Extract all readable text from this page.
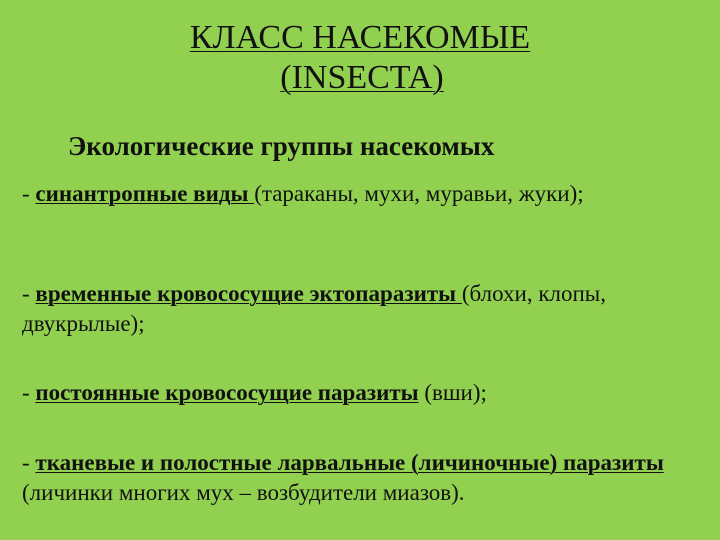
КЛАСС НАСЕКОМЫЕ
(INSECTA)
Экологические группы насекомых
- синантропные виды (тараканы, мухи, муравьи, жуки);
- временные кровососущие эктопаразиты (блохи, клопы, двукрылые);
- постоянные кровососущие паразиты (вши);
- тканевые и полостные ларвальные (личиночные) паразиты (личинки многих мух – возбудители миазов).
